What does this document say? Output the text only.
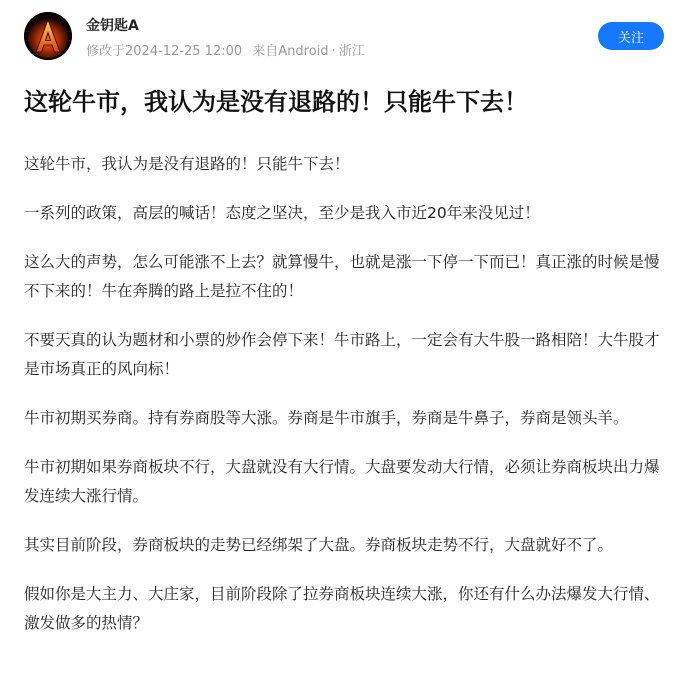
金钥匙A
修改于2024-12-25 12:00 来自Android · 浙江
关注
这轮牛市，我认为是没有退路的！只能牛下去！

这轮牛市，我认为是没有退路的！只能牛下去！

一系列的政策，高层的喊话！态度之坚决，至少是我入市近20年来没见过！

这么大的声势，怎么可能涨不上去？就算慢牛，也就是涨一下停一下而已！真正涨的时候是慢不下来的！牛在奔腾的路上是拉不住的！

不要天真的认为题材和小票的炒作会停下来！牛市路上，一定会有大牛股一路相陪！大牛股才是市场真正的风向标！

牛市初期买券商。持有券商股等大涨。券商是牛市旗手，券商是牛鼻子，券商是领头羊。

牛市初期如果券商板块不行，大盘就没有大行情。大盘要发动大行情，必须让券商板块出力爆发连续大涨行情。

其实目前阶段，券商板块的走势已经绑架了大盘。券商板块走势不行，大盘就好不了。

假如你是大主力、大庄家，目前阶段除了拉券商板块连续大涨，你还有什么办法爆发大行情、激发做多的热情？
